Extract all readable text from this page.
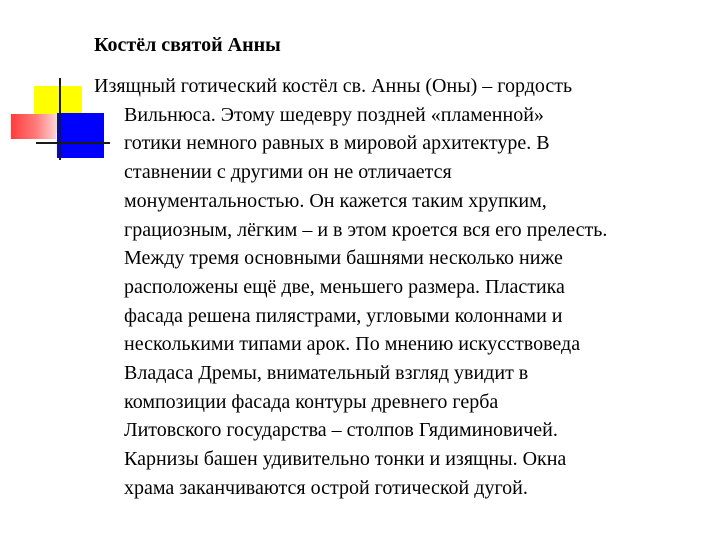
Костёл святой Анны
Изящный готический костёл св. Анны (Оны) – гордость
Вильнюса. Этому шедевру поздней «пламенной»
готики немного равных в мировой архитектуре. В
ставнении с другими он не отличается
монументальностью. Он кажется таким хрупким,
грациозным, лёгким – и в этом кроется вся его прелесть.
Между тремя основными башнями несколько ниже
расположены ещё две, меньшего размера. Пластика
фасада решена пилястрами, угловыми колоннами и
несколькими типами арок. По мнению искусствоведа
Владаса Дремы, внимательный взгляд увидит в
композиции фасада контуры древнего герба
Литовского государства – столпов Гядиминовичей.
Карнизы башен удивительно тонки и изящны. Окна
храма заканчиваются острой готической дугой.
